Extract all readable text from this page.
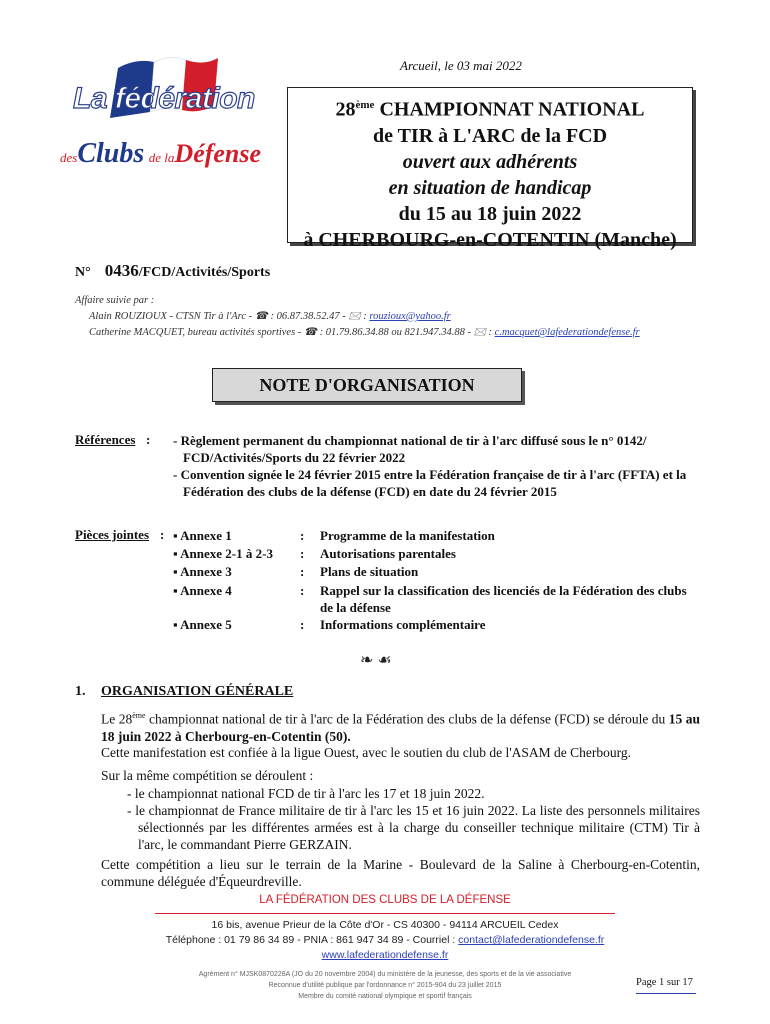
La fédération
desClubs de laDéfense
Arcueil, le 03 mai 2022
28ème CHAMPIONNAT NATIONAL
de TIR à L'ARC de la FCD
ouvert aux adhérents
en situation de handicap
du 15 au 18 juin 2022
à CHERBOURG-en-COTENTIN (Manche)
N° 0436/FCD/Activités/Sports
Affaire suivie par :
Alain ROUZIOUX - CTSN Tir à l'Arc - ☎ : 06.87.38.52.47 - 🖂 : rouzioux@yahoo.fr
Catherine MACQUET, bureau activités sportives - ☎ : 01.79.86.34.88 ou 821.947.34.88 - 🖂 : c.macquet@lafederationdefense.fr
NOTE D'ORGANISATION
Références : - Règlement permanent du championnat national de tir à l'arc diffusé sous le n° 0142/ FCD/Activités/Sports du 22 février 2022
- Convention signée le 24 février 2015 entre la Fédération française de tir à l'arc (FFTA) et la Fédération des clubs de la défense (FCD) en date du 24 février 2015
Pièces jointes : ▪ Annexe 1	: Programme de la manifestation
▪ Annexe 2-1 à 2-3 : Autorisations parentales
▪ Annexe 3	: Plans de situation
▪ Annexe 4	: Rappel sur la classification des licenciés de la Fédération des clubs de la défense
▪ Annexe 5	: Informations complémentaire
❧ ☙
1. ORGANISATION GÉNÉRALE
Le 28ème championnat national de tir à l'arc de la Fédération des clubs de la défense (FCD) se déroule du 15 au 18 juin 2022 à Cherbourg-en-Cotentin (50).
Cette manifestation est confiée à la ligue Ouest, avec le soutien du club de l'ASAM de Cherbourg.
Sur la même compétition se déroulent :
- le championnat national FCD de tir à l'arc les 17 et 18 juin 2022.
- le championnat de France militaire de tir à l'arc les 15 et 16 juin 2022. La liste des personnels militaires sélectionnés par les différentes armées est à la charge du conseiller technique militaire (CTM) Tir à l'arc, le commandant Pierre GERZAIN.
Cette compétition a lieu sur le terrain de la Marine - Boulevard de la Saline à Cherbourg-en-Cotentin, commune déléguée d'Équeurdreville.
LA FÉDÉRATION DES CLUBS DE LA DÉFENSE
16 bis, avenue Prieur de la Côte d'Or - CS 40300 - 94114 ARCUEIL Cedex
Téléphone : 01 79 86 34 89 - PNIA : 861 947 34 89 - Courriel : contact@lafederationdefense.fr
www.lafederationdefense.fr
Agrément n° MJSK0870228A (JO du 20 novembre 2004) du ministère de la jeunesse, des sports et de la vie associative
Reconnue d'utilité publique par l'ordonnance n° 2015-904 du 23 juillet 2015
Membre du comité national olympique et sportif français
Page 1 sur 17
